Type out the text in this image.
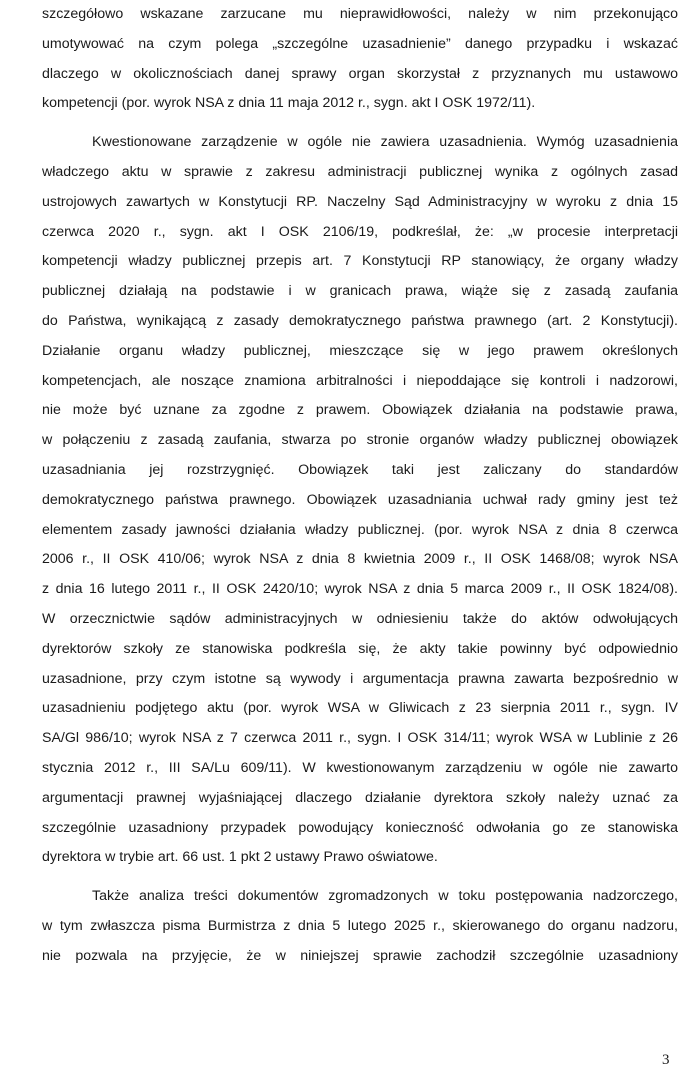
szczegółowo wskazane zarzucane mu nieprawidłowości, należy w nim przekonująco
umotywować na czym polega „szczególne uzasadnienie” danego przypadku i wskazać
dlaczego w okolicznościach danej sprawy organ skorzystał z przyznanych mu ustawowo
kompetencji (por. wyrok NSA z dnia 11 maja 2012 r., sygn. akt I OSK 1972/11).
Kwestionowane zarządzenie w ogóle nie zawiera uzasadnienia. Wymóg uzasadnienia
władczego aktu w sprawie z zakresu administracji publicznej wynika z ogólnych zasad
ustrojowych zawartych w Konstytucji RP. Naczelny Sąd Administracyjny w wyroku z dnia 15
czerwca 2020 r., sygn. akt I OSK 2106/19, podkreślał, że: „w procesie interpretacji
kompetencji władzy publicznej przepis art. 7 Konstytucji RP stanowiący, że organy władzy
publicznej działają na podstawie i w granicach prawa, wiąże się z zasadą zaufania
do Państwa, wynikającą z zasady demokratycznego państwa prawnego (art. 2 Konstytucji).
Działanie organu władzy publicznej, mieszczące się w jego prawem określonych
kompetencjach, ale noszące znamiona arbitralności i niepoddające się kontroli i nadzorowi,
nie może być uznane za zgodne z prawem. Obowiązek działania na podstawie prawa,
w połączeniu z zasadą zaufania, stwarza po stronie organów władzy publicznej obowiązek
uzasadniania jej rozstrzygnięć. Obowiązek taki jest zaliczany do standardów
demokratycznego państwa prawnego. Obowiązek uzasadniania uchwał rady gminy jest też
elementem zasady jawności działania władzy publicznej. (por. wyrok NSA z dnia 8 czerwca
2006 r., II OSK 410/06; wyrok NSA z dnia 8 kwietnia 2009 r., II OSK 1468/08; wyrok NSA
z dnia 16 lutego 2011 r., II OSK 2420/10; wyrok NSA z dnia 5 marca 2009 r., II OSK 1824/08).
W orzecznictwie sądów administracyjnych w odniesieniu także do aktów odwołujących
dyrektorów szkoły ze stanowiska podkreśla się, że akty takie powinny być odpowiednio
uzasadnione, przy czym istotne są wywody i argumentacja prawna zawarta bezpośrednio w
uzasadnieniu podjętego aktu (por. wyrok WSA w Gliwicach z 23 sierpnia 2011 r., sygn. IV
SA/Gl 986/10; wyrok NSA z 7 czerwca 2011 r., sygn. I OSK 314/11; wyrok WSA w Lublinie z 26
stycznia 2012 r., III SA/Lu 609/11). W kwestionowanym zarządzeniu w ogóle nie zawarto
argumentacji prawnej wyjaśniającej dlaczego działanie dyrektora szkoły należy uznać za
szczególnie uzasadniony przypadek powodujący konieczność odwołania go ze stanowiska
dyrektora w trybie art. 66 ust. 1 pkt 2 ustawy Prawo oświatowe.
Także analiza treści dokumentów zgromadzonych w toku postępowania nadzorczego,
w tym zwłaszcza pisma Burmistrza z dnia 5 lutego 2025 r., skierowanego do organu nadzoru,
nie pozwala na przyjęcie, że w niniejszej sprawie zachodził szczególnie uzasadniony
3
